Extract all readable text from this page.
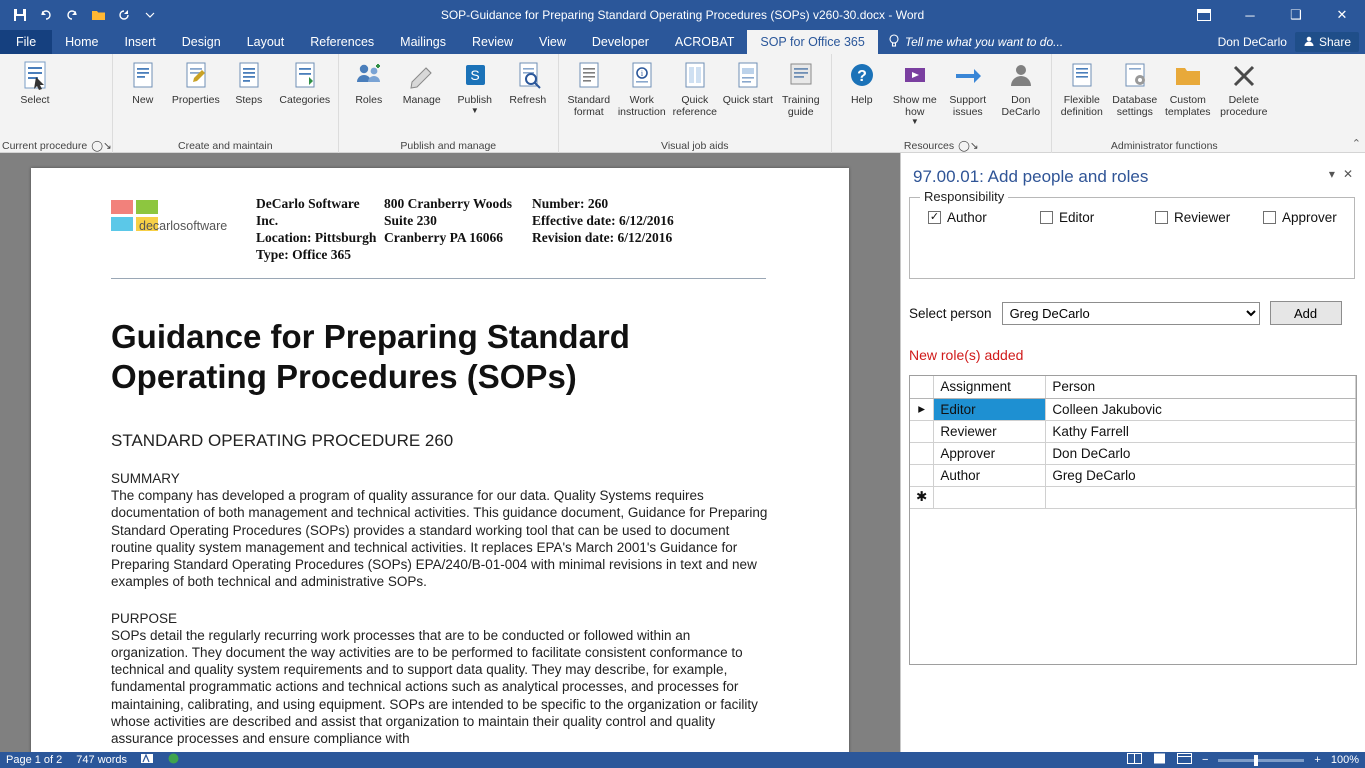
SOP-Guidance for Preparing Standard Operating Procedures (SOPs) v260-30.docx - Word	─	❑	✕
File	Home	Insert	Design	Layout	References	Mailings	Review	View	Developer	ACROBAT	SOP for Office 365	Tell me what you want to do...	Don DeCarlo	Share
Select
Current procedure ◯↘
New Properties Steps Categories
Create and maintain
Roles Manage
S
Publish
▼
Refresh
Publish and manage
Standard format
i
Work instruction
Quick reference
Quick start Training guide
Visual job aids
?
Help	Show me how
▼
Support issues
Don DeCarlo
Resources ◯↘
Flexible definition
Database settings
Custom templates
Delete procedure
Administrator functions	⌃
decarlosoftware
DeCarlo Software Inc.
Location: Pittsburgh
Type: Office 365
800 Cranberry Woods
Suite 230
Cranberry PA 16066
Number: 260
Effective date: 6/12/2016
Revision date: 6/12/2016
Guidance for Preparing Standard Operating Procedures (SOPs)
STANDARD OPERATING PROCEDURE 260
SUMMARY

The company has developed a program of quality assurance for our data. Quality Systems requires documentation of both management and technical activities. This guidance document, Guidance for Preparing Standard Operating Procedures (SOPs) provides a standard working tool that can be used to document routine quality system management and technical activities. It replaces EPA's March 2001's Guidance for Preparing Standard Operating Procedures (SOPs) EPA/240/B-01-004 with minimal revisions in text and new examples of both technical and administrative SOPs.

PURPOSE

SOPs detail the regularly recurring work processes that are to be conducted or followed within an organization. They document the way activities are to be performed to facilitate consistent conformance to technical and quality system requirements and to support data quality. They may describe, for example, fundamental programmatic actions and technical actions such as analytical processes, and processes for maintaining, calibrating, and using equipment. SOPs are intended to be specific to the organization or facility whose activities are described and assist that organization to maintain their quality control and quality assurance processes and ensure compliance with

97.00.01: Add people and roles	▾ ✕
Responsibility
✓ Author	Editor	Reviewer	Approver
Select person
Greg DeCarlo	Add
New role(s) added
	Assignment	Person
▸	Editor	Colleen Jakubovic
	Reviewer	Kathy Farrell
	Approver	Don DeCarlo
	Author	Greg DeCarlo
✱		
Page 1 of 2 747 words	−	+ 100%
